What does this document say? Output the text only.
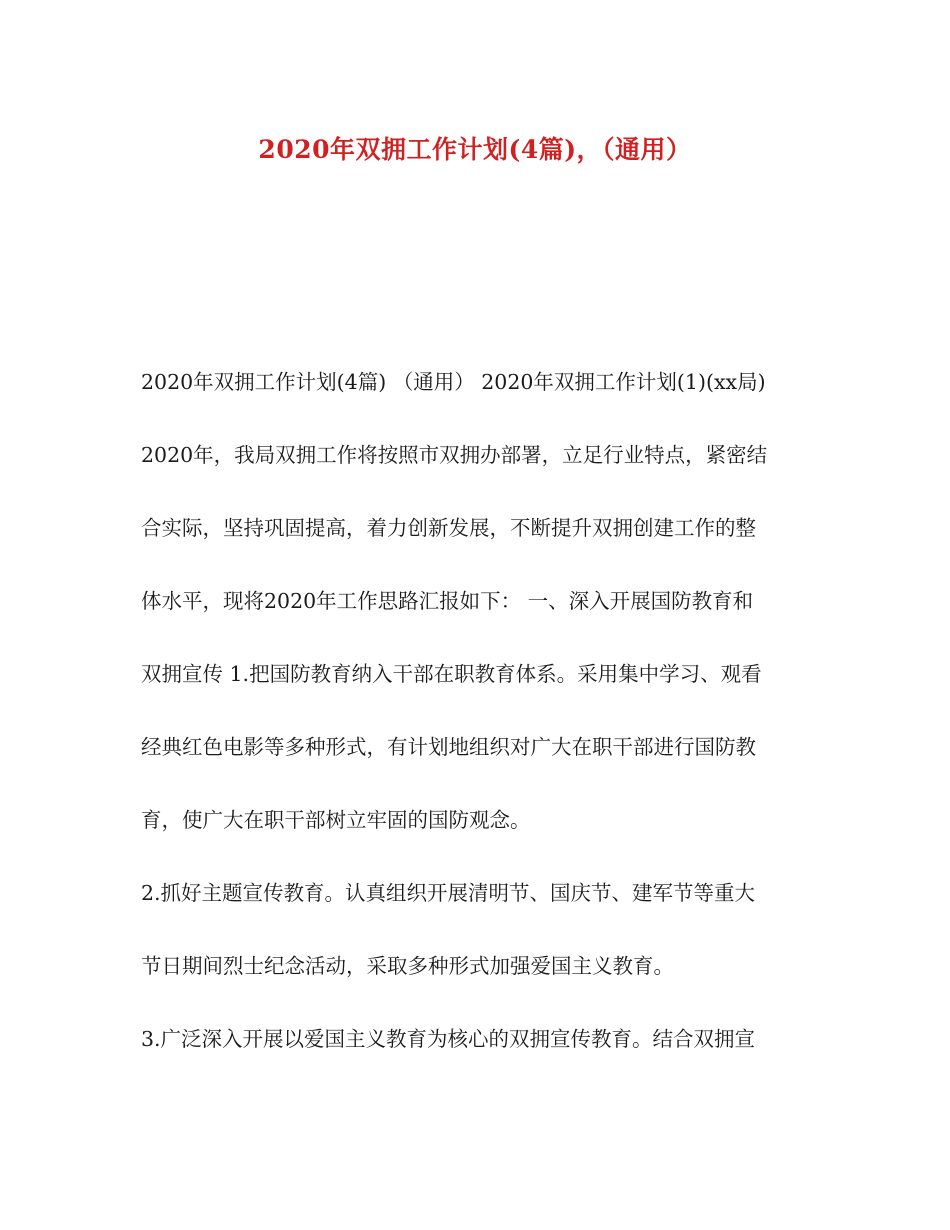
2020年双拥工作计划(4篇)，（通用）
2020年双拥工作计划(4篇) （通用） 2020年双拥工作计划(1)(xx局)
2020年，我局双拥工作将按照市双拥办部署，立足行业特点，紧密结
合实际，坚持巩固提高，着力创新发展，不断提升双拥创建工作的整
体水平，现将2020年工作思路汇报如下： 一、深入开展国防教育和
双拥宣传 1.把国防教育纳入干部在职教育体系。采用集中学习、观看
经典红色电影等多种形式，有计划地组织对广大在职干部进行国防教
育，使广大在职干部树立牢固的国防观念。
2.抓好主题宣传教育。认真组织开展清明节、国庆节、建军节等重大
节日期间烈士纪念活动，采取多种形式加强爱国主义教育。
3.广泛深入开展以爱国主义教育为核心的双拥宣传教育。结合双拥宣
